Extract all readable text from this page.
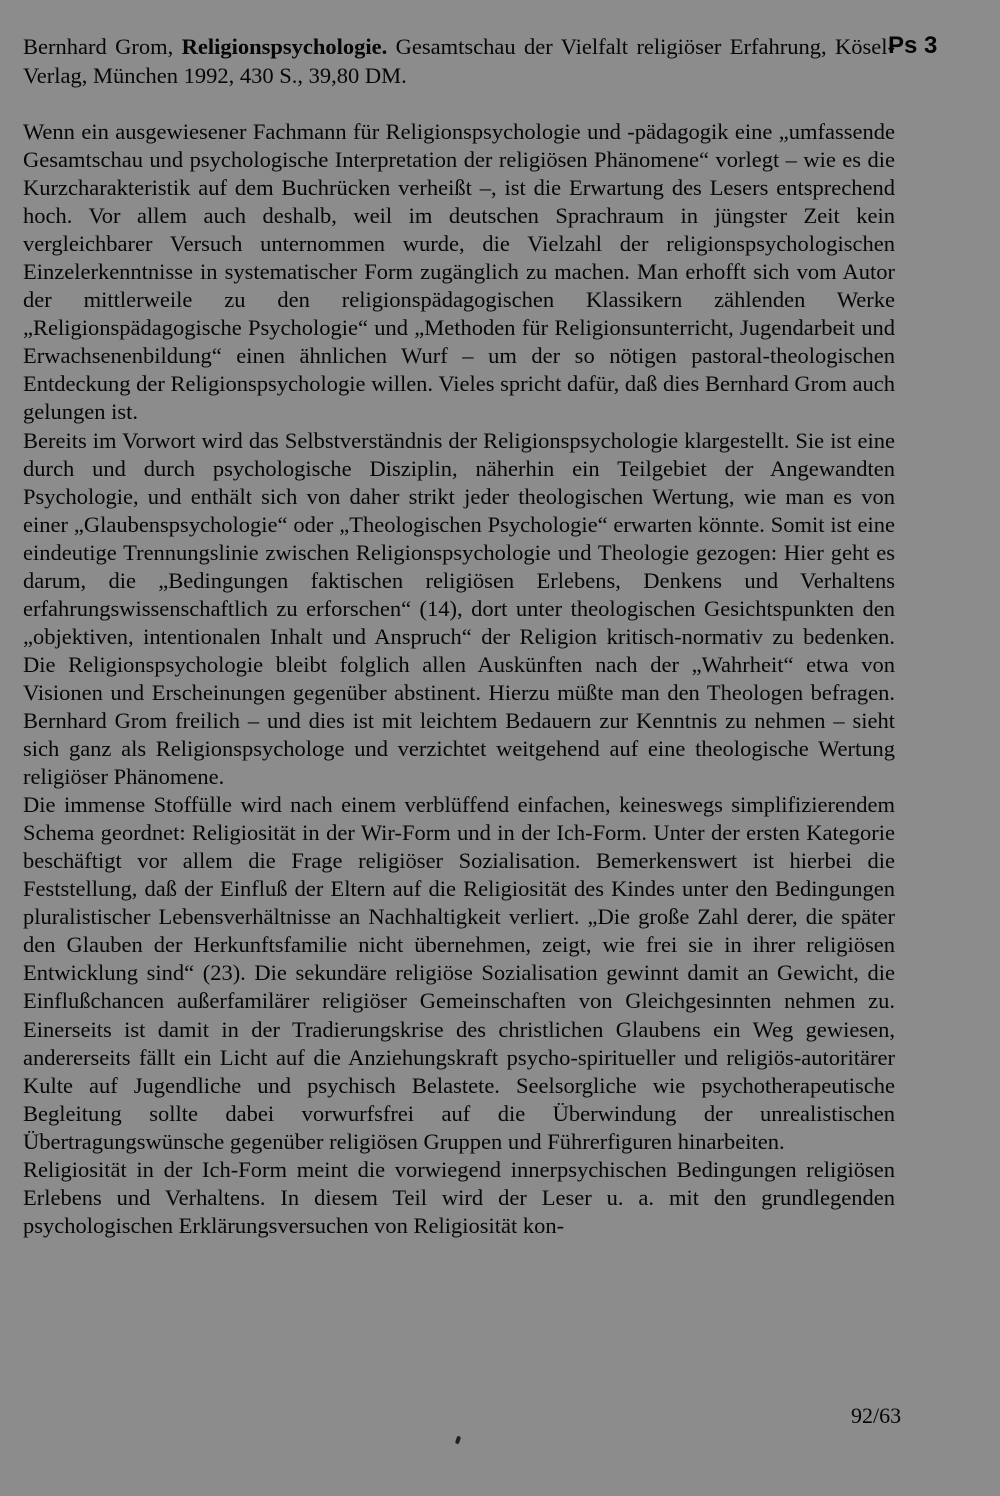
Bernhard Grom, Religionspsychologie. Gesamtschau der Vielfalt religiöser Erfahrung, Kösel-Verlag, München 1992, 430 S., 39,80 DM.

Wenn ein ausgewiesener Fachmann für Religionspsychologie und -pädagogik eine „umfassende Gesamtschau und psychologische Interpretation der religiösen Phänomene“ vorlegt – wie es die Kurzcharakteristik auf dem Buchrücken verheißt –, ist die Erwartung des Lesers entsprechend hoch. Vor allem auch deshalb, weil im deutschen Sprachraum in jüngster Zeit kein vergleichbarer Versuch unternommen wurde, die Vielzahl der religionspsychologischen Einzelerkenntnisse in systematischer Form zugänglich zu machen. Man erhofft sich vom Autor der mittlerweile zu den religionspädagogischen Klassikern zählenden Werke „Religionspädagogische Psychologie“ und „Methoden für Religionsunterricht, Jugendarbeit und Erwachsenenbildung“ einen ähnlichen Wurf – um der so nötigen pastoral-theologischen Entdeckung der Religionspsychologie willen. Vieles spricht dafür, daß dies Bernhard Grom auch gelungen ist.

Bereits im Vorwort wird das Selbstverständnis der Religionspsychologie klargestellt. Sie ist eine durch und durch psychologische Disziplin, näherhin ein Teilgebiet der Angewandten Psychologie, und enthält sich von daher strikt jeder theologischen Wertung, wie man es von einer „Glaubenspsychologie“ oder „Theologischen Psychologie“ erwarten könnte. Somit ist eine eindeutige Trennungslinie zwischen Religionspsychologie und Theologie gezogen: Hier geht es darum, die „Bedingungen faktischen religiösen Erlebens, Denkens und Verhaltens erfahrungswissenschaftlich zu erforschen“ (14), dort unter theologischen Gesichtspunkten den „objektiven, intentionalen Inhalt und Anspruch“ der Religion kritisch-normativ zu bedenken. Die Religionspsychologie bleibt folglich allen Auskünften nach der „Wahrheit“ etwa von Visionen und Erscheinungen gegenüber abstinent. Hierzu müßte man den Theologen befragen. Bernhard Grom freilich – und dies ist mit leichtem Bedauern zur Kenntnis zu nehmen – sieht sich ganz als Religionspsychologe und verzichtet weitgehend auf eine theologische Wertung religiöser Phänomene.

Die immense Stoffülle wird nach einem verblüffend einfachen, keineswegs simplifizierendem Schema geordnet: Religiosität in der Wir-Form und in der Ich-Form. Unter der ersten Kategorie beschäftigt vor allem die Frage religiöser Sozialisation. Bemerkenswert ist hierbei die Feststellung, daß der Einfluß der Eltern auf die Religiosität des Kindes unter den Bedingungen pluralistischer Lebensverhältnisse an Nachhaltigkeit verliert. „Die große Zahl derer, die später den Glauben der Herkunftsfamilie nicht übernehmen, zeigt, wie frei sie in ihrer religiösen Entwicklung sind“ (23). Die sekundäre religiöse Sozialisation gewinnt damit an Gewicht, die Einflußchancen außerfamilärer religiöser Gemeinschaften von Gleichgesinnten nehmen zu. Einerseits ist damit in der Tradierungskrise des christlichen Glaubens ein Weg gewiesen, andererseits fällt ein Licht auf die Anziehungskraft psycho-spiritueller und religiös-autoritärer Kulte auf Jugendliche und psychisch Belastete. Seelsorgliche wie psychotherapeutische Begleitung sollte dabei vorwurfsfrei auf die Überwindung der unrealistischen Übertragungswünsche gegenüber religiösen Gruppen und Führerfiguren hinarbeiten.

Religiosität in der Ich-Form meint die vorwiegend innerpsychischen Bedingungen religiösen Erlebens und Verhaltens. In diesem Teil wird der Leser u. a. mit den grundlegenden psychologischen Erklärungsversuchen von Religiosität kon-

92/63
Ps 3
